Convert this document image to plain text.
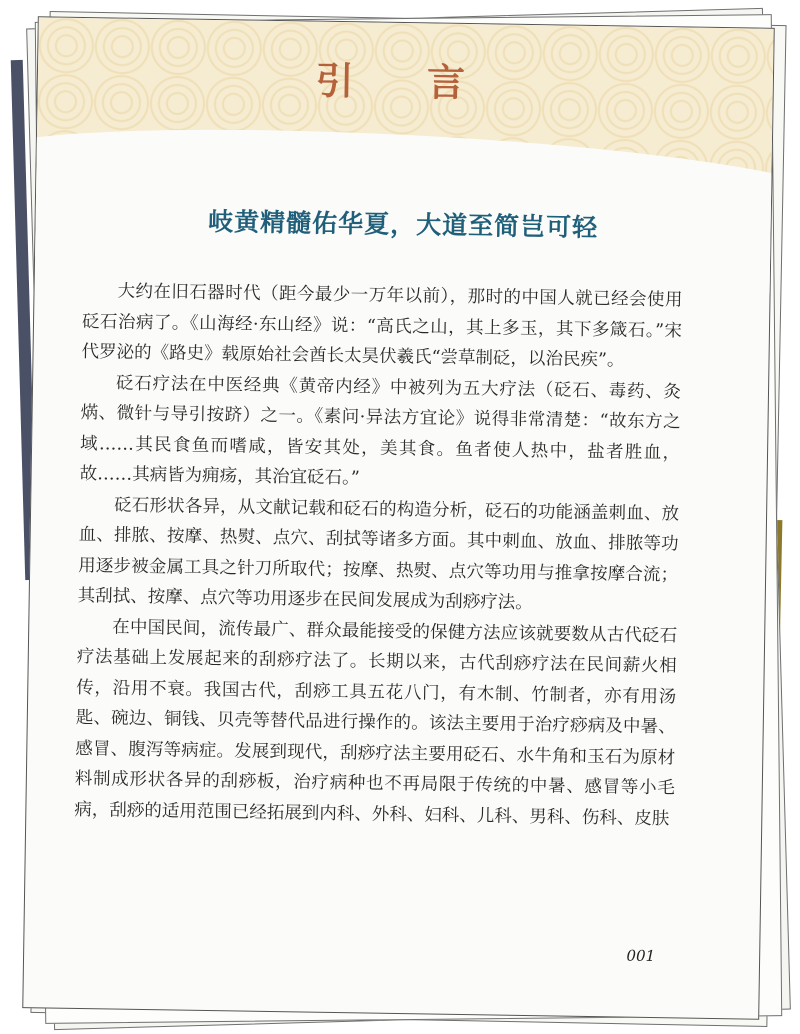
引 言
岐黄精髓佑华夏，大道至简岂可轻

大约在旧石器时代（距今最少一万年以前），那时的中国人就已经会使用砭石治病了。《山海经·东山经》说：“高氏之山，其上多玉，其下多箴石。”宋代罗泌的《路史》载原始社会酋长太昊伏羲氏“尝草制砭，以治民疾”。

砭石疗法在中医经典《黄帝内经》中被列为五大疗法（砭石、毒药、灸焫、微针与导引按跻）之一。《素问·异法方宜论》说得非常清楚：“故东方之域……其民食鱼而嗜咸，皆安其处，美其食。鱼者使人热中，盐者胜血，故……其病皆为痈疡，其治宜砭石。”

砭石形状各异，从文献记载和砭石的构造分析，砭石的功能涵盖刺血、放血、排脓、按摩、热熨、点穴、刮拭等诸多方面。其中刺血、放血、排脓等功用逐步被金属工具之针刀所取代；按摩、热熨、点穴等功用与推拿按摩合流；其刮拭、按摩、点穴等功用逐步在民间发展成为刮痧疗法。

在中国民间，流传最广、群众最能接受的保健方法应该就要数从古代砭石疗法基础上发展起来的刮痧疗法了。长期以来，古代刮痧疗法在民间薪火相传，沿用不衰。我国古代，刮痧工具五花八门，有木制、竹制者，亦有用汤匙、碗边、铜钱、贝壳等替代品进行操作的。该法主要用于治疗痧病及中暑、感冒、腹泻等病症。发展到现代，刮痧疗法主要用砭石、水牛角和玉石为原材料制成形状各异的刮痧板，治疗病种也不再局限于传统的中暑、感冒等小毛病，刮痧的适用范围已经拓展到内科、外科、妇科、儿科、男科、伤科、皮肤

001
